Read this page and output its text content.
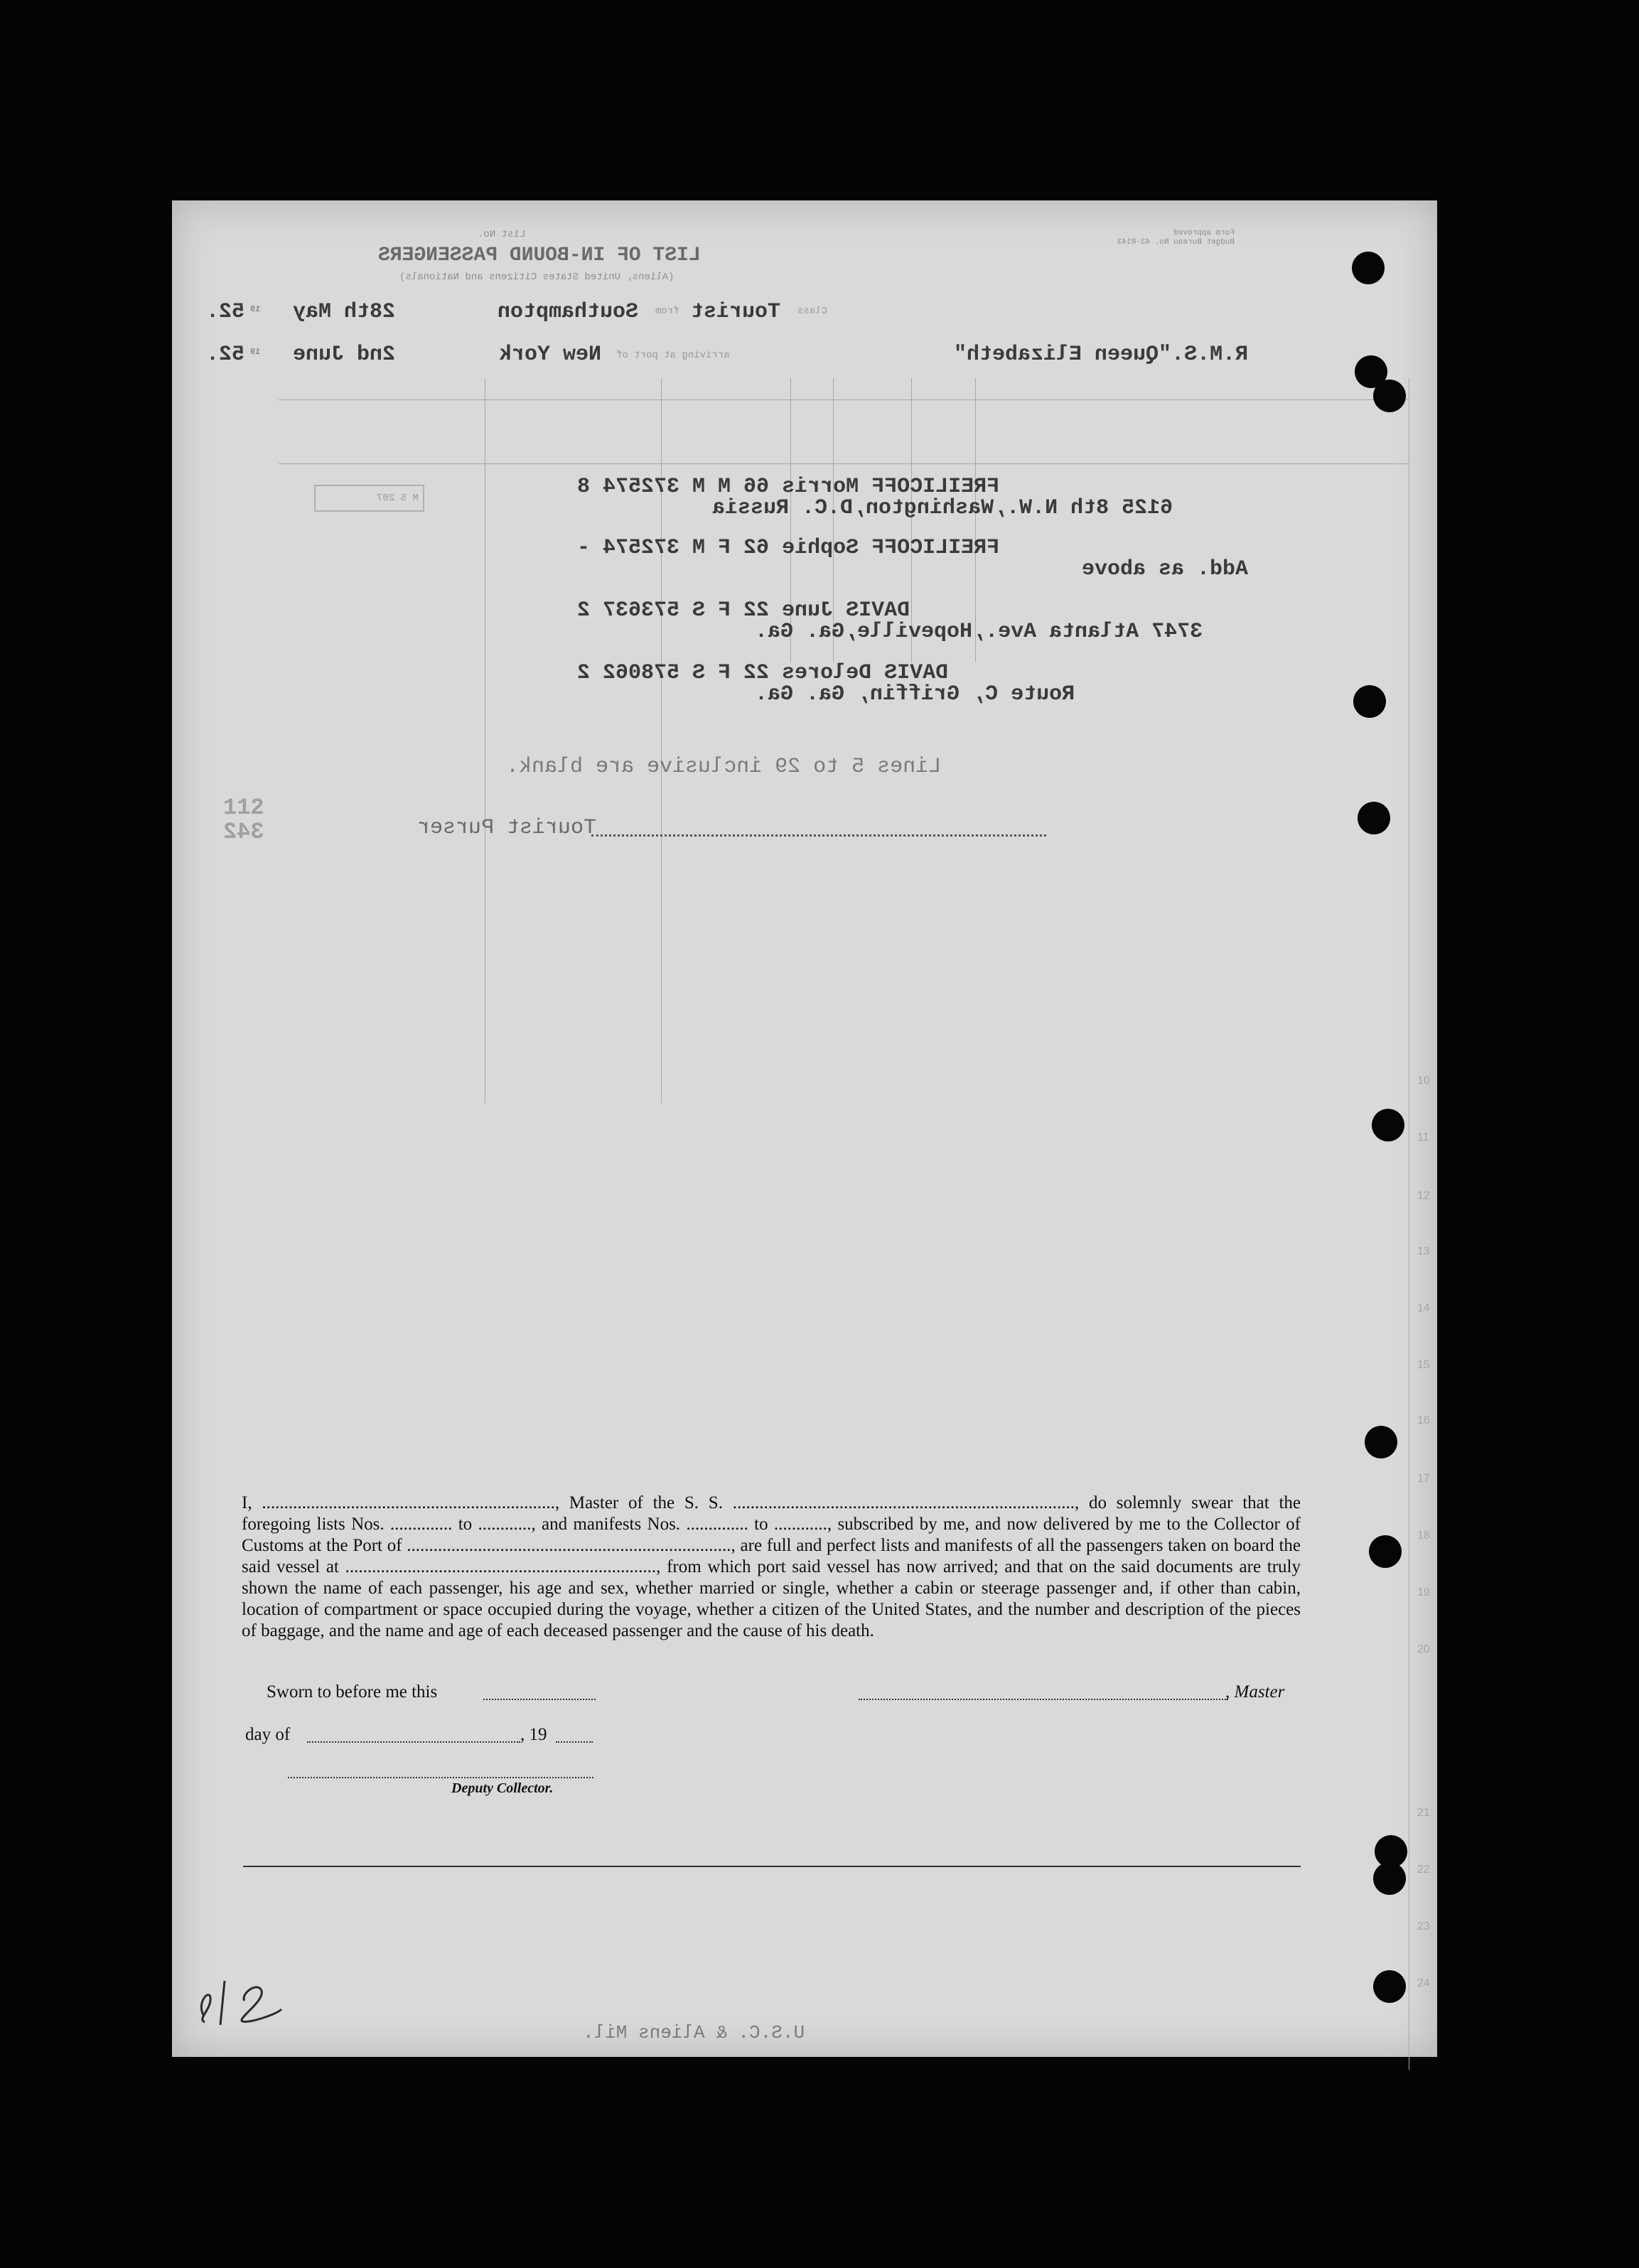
List No.
LIST OF IN-BOUND PASSENGERS
(Aliens, United States Citizens and Nationals)
Form approved
Budget Bureau No. 43-R143
52. 19 28th May	Southampton from Tourist Class
52. 19 2nd June	New York arriving at port of	R.M.S."Queen Elizabeth"
M S 207	FREILICOFF Morris 66 M M 372574 8
6125 8th N.W.,Washington,D.C. Russia
FREILICOFF Sophie 62 F M 372574 -
Add. as above
DAVIS June 22 F S 573637 2
3747 Atlanta Ave.,Hopeville,Ga. Ga.
DAVIS Delores 22 F S 578062 2
Route C, Griffin, Ga. Ga.
Lines 5 to 29 inclusive are blank.
Tourist Purser
112
342
10
11
12
13
14
15
16
17
18
19
20
21
22
23
24
I, .................................................................., Master of the S. S. ............................................................................., do solemnly swear that the foregoing lists Nos. .............. to ............, and manifests Nos. .............. to ............, subscribed by me, and now delivered by me to the Collector of Customs at the Port of ........................................................................., are full and perfect lists and manifests of all the passengers taken on board the said vessel at ......................................................................, from which port said vessel has now arrived; and that on the said documents are truly shown the name of each passenger, his age and sex, whether married or single, whether a cabin or steerage passenger and, if other than cabin, location of compartment or space occupied during the voyage, whether a citizen of the United States, and the number and description of the pieces of baggage, and the name and age of each deceased passenger and the cause of his death.
Sworn to before me this	, Master
day of	, 19
Deputy Collector.
U.S.C. & Aliens Mil.
